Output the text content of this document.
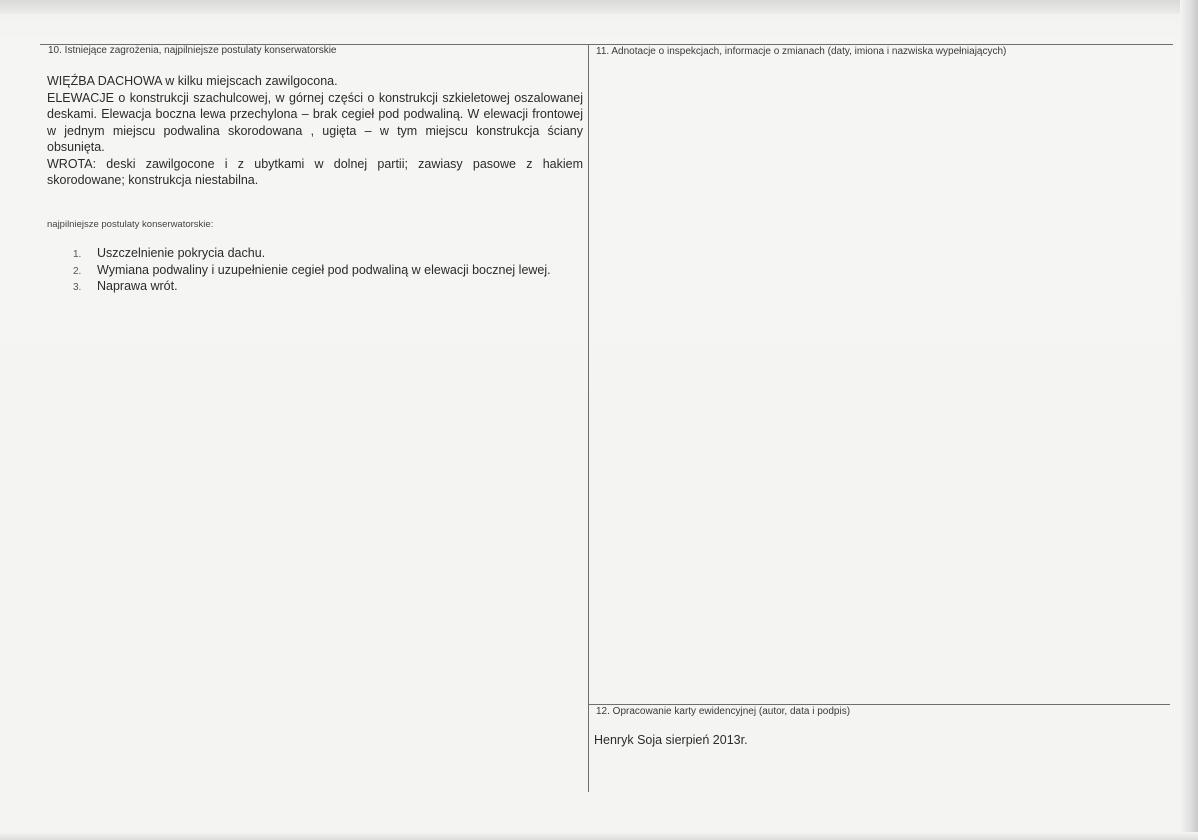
10. Istniejące zagrożenia, najpilniejsze postulaty konserwatorskie

WIĘŹBA DACHOWA w kilku miejscach zawilgocona.

ELEWACJE o konstrukcji szachulcowej, w górnej części o konstrukcji szkieletowej oszalowanej deskami. Elewacja boczna lewa przechylona – brak cegieł pod podwaliną. W elewacji frontowej w jednym miejscu podwalina skorodowana , ugięta – w tym miejscu konstrukcja ściany obsunięta.

WROTA: deski zawilgocone i z ubytkami w dolnej partii; zawiasy pasowe z hakiem skorodowane; konstrukcja niestabilna.

najpilniejsze postulaty konserwatorskie:
1. Uszczelnienie pokrycia dachu.
2. Wymiana podwaliny i uzupełnienie cegieł pod podwaliną w elewacji bocznej lewej.
3. Naprawa wrót.
11. Adnotacje o inspekcjach, informacje o zmianach (daty, imiona i nazwiska wypełniających)
12. Opracowanie karty ewidencyjnej (autor, data i podpis)
Henryk Soja sierpień 2013r.
